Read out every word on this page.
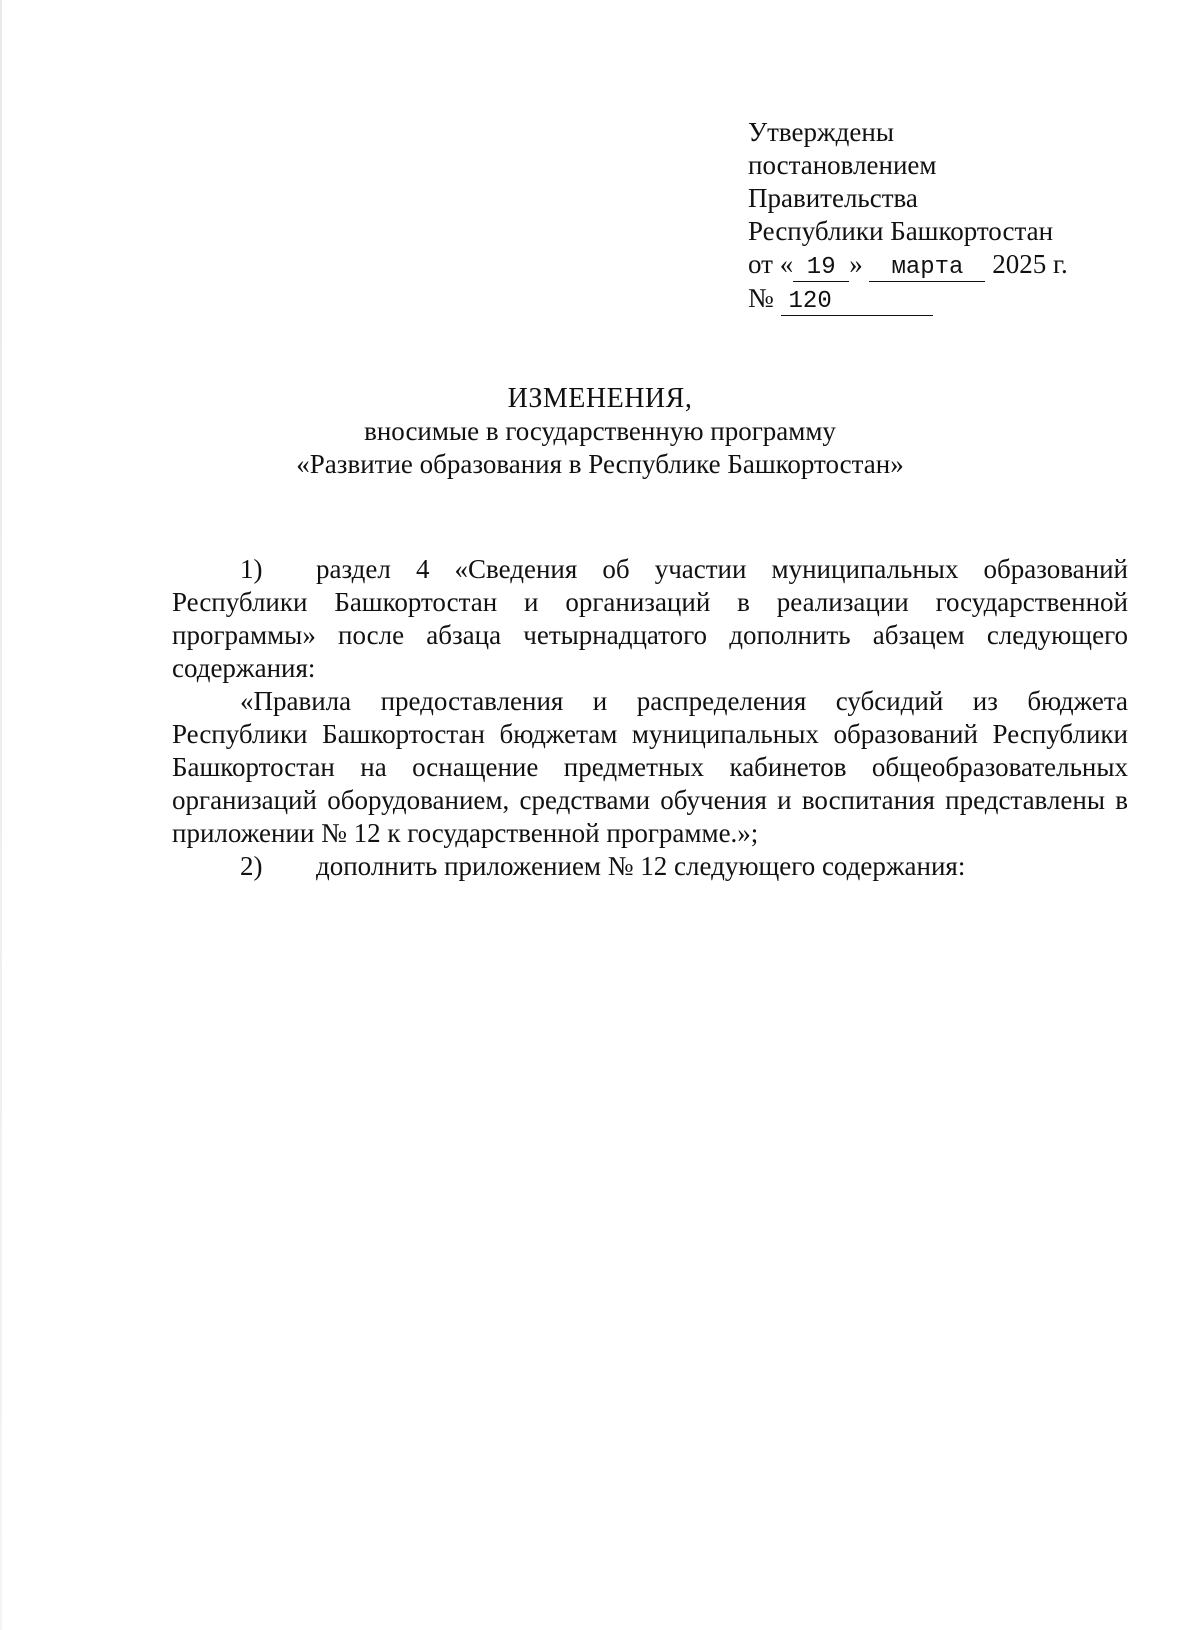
Утверждены
постановлением
Правительства
Республики Башкортостан
от « 19 » марта 2025 г.
№ 120
ИЗМЕНЕНИЯ,
вносимые в государственную программу
«Развитие образования в Республике Башкортостан»

1) раздел 4 «Сведения об участии муниципальных образований Республики Башкортостан и организаций в реализации государственной программы» после абзаца четырнадцатого дополнить абзацем следующего содержания:

«Правила предоставления и распределения субсидий из бюджета Республики Башкортостан бюджетам муниципальных образований Республики Башкортостан на оснащение предметных кабинетов общеобразовательных организаций оборудованием, средствами обучения и воспитания представлены в приложении № 12 к государственной программе.»;

2) дополнить приложением № 12 следующего содержания:
